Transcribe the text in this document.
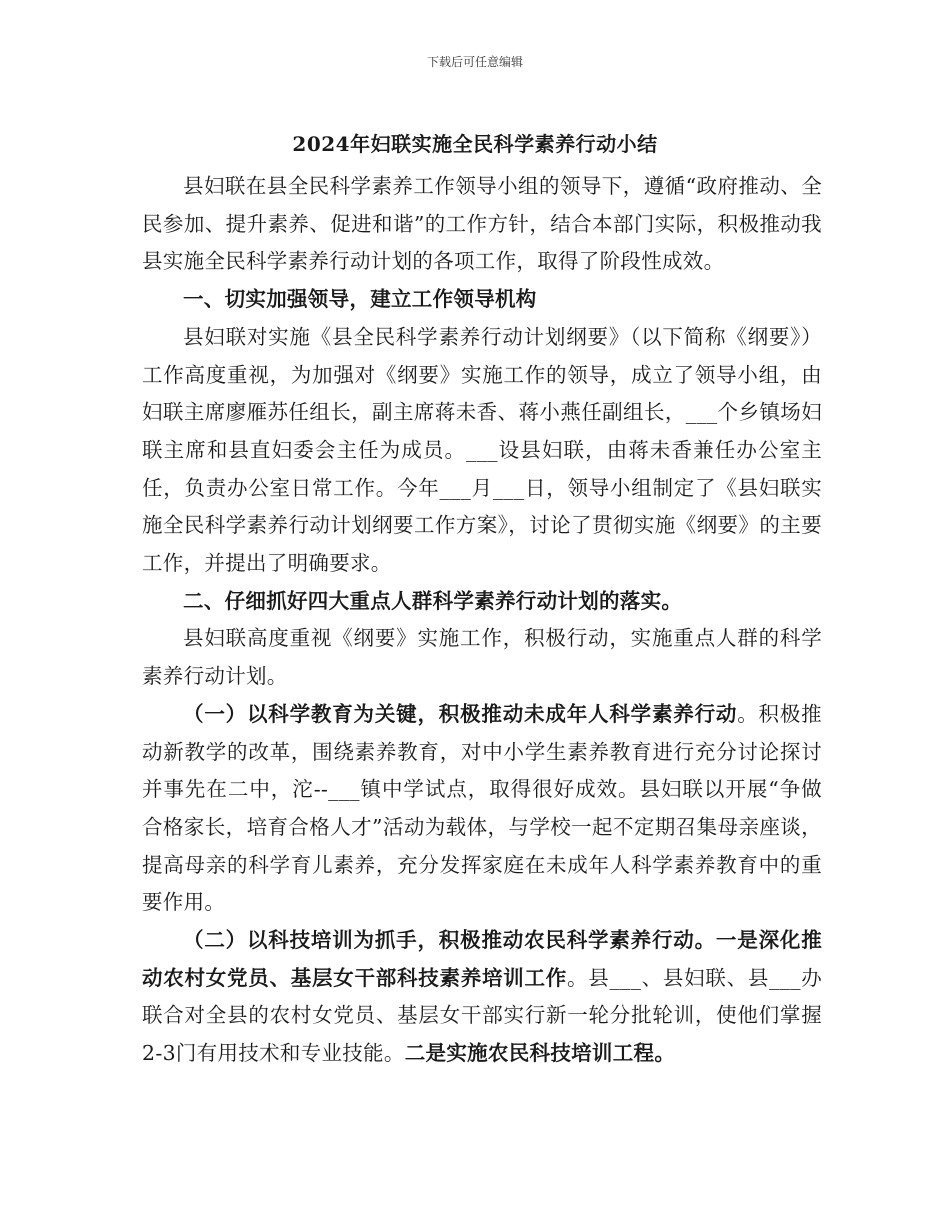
下载后可任意编辑
2024年妇联实施全民科学素养行动小结

县妇联在县全民科学素养工作领导小组的领导下，遵循“政府推动、全民参加、提升素养、促进和谐”的工作方针，结合本部门实际，积极推动我县实施全民科学素养行动计划的各项工作，取得了阶段性成效。

一、切实加强领导，建立工作领导机构

县妇联对实施《县全民科学素养行动计划纲要》（以下简称《纲要》）工作高度重视，为加强对《纲要》实施工作的领导，成立了领导小组，由妇联主席廖雁苏任组长，副主席蒋未香、蒋小燕任副组长，___个乡镇场妇联主席和县直妇委会主任为成员。___设县妇联，由蒋未香兼任办公室主任，负责办公室日常工作。今年___月___日，领导小组制定了《县妇联实施全民科学素养行动计划纲要工作方案》，讨论了贯彻实施《纲要》的主要工作，并提出了明确要求。

二、仔细抓好四大重点人群科学素养行动计划的落实。

县妇联高度重视《纲要》实施工作，积极行动，实施重点人群的科学素养行动计划。

（一）以科学教育为关键，积极推动未成年人科学素养行动。积极推动新教学的改革，围绕素养教育，对中小学生素养教育进行充分讨论探讨并事先在二中，沱--___镇中学试点，取得很好成效。县妇联以开展“争做合格家长，培育合格人才”活动为载体，与学校一起不定期召集母亲座谈，提高母亲的科学育儿素养，充分发挥家庭在未成年人科学素养教育中的重要作用。

（二）以科技培训为抓手，积极推动农民科学素养行动。一是深化推动农村女党员、基层女干部科技素养培训工作。县___、县妇联、县___办联合对全县的农村女党员、基层女干部实行新一轮分批轮训，使他们掌握2-3门有用技术和专业技能。二是实施农民科技培训工程。
